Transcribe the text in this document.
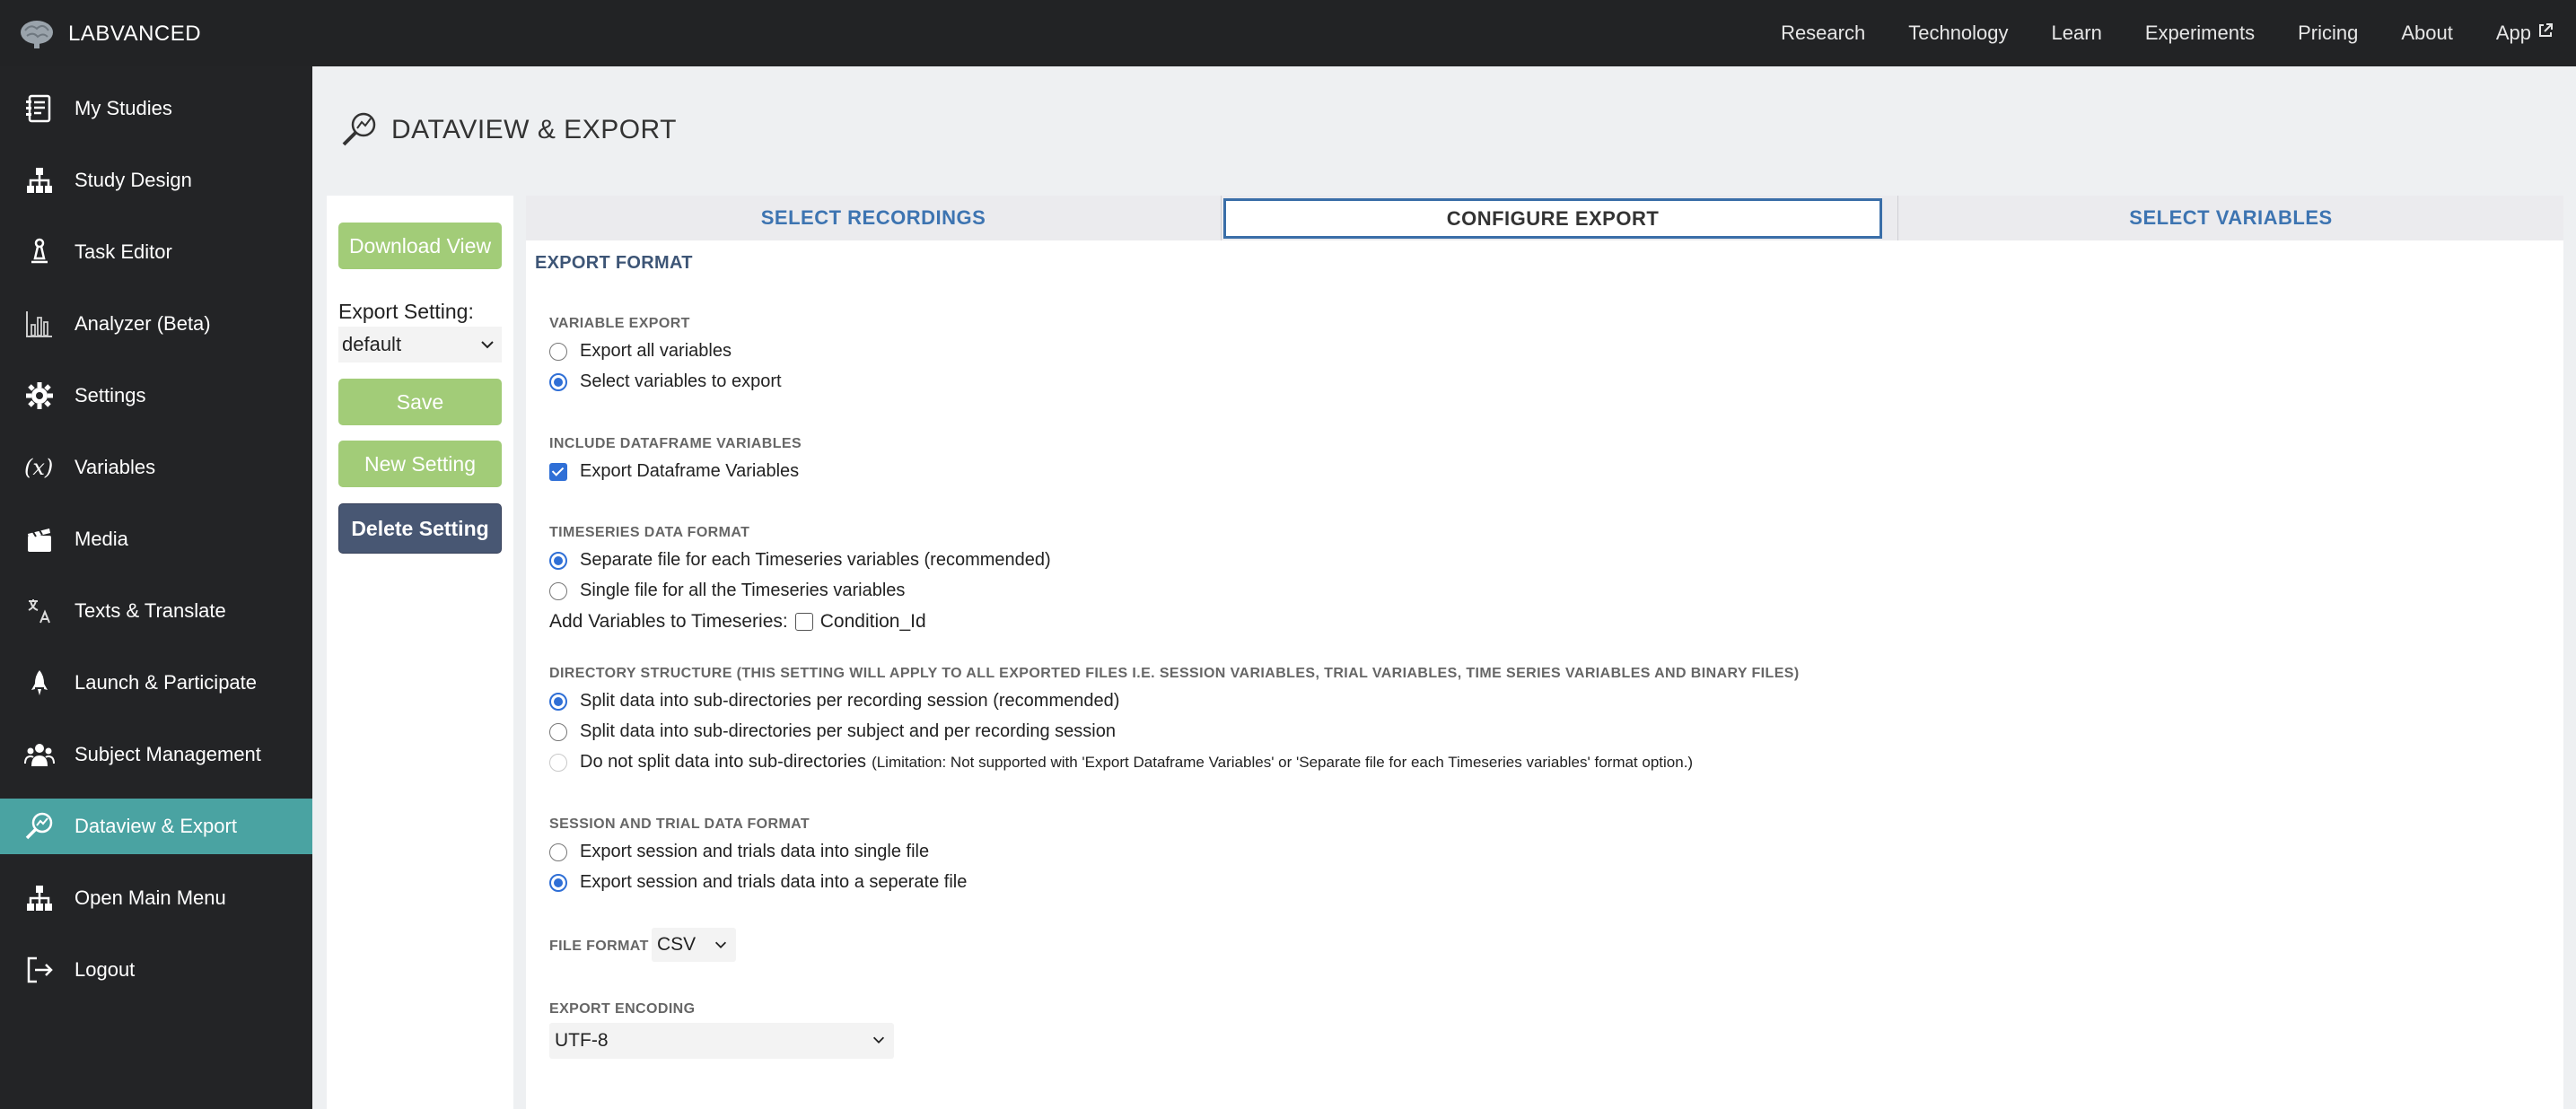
LABVANCED	Research Technology Learn Experiments Pricing About App
My Studies
Study Design
Task Editor
Analyzer (Beta)
Settings
(x) Variables
Media
Texts & Translate
Launch & Participate
Subject Management
Dataview & Export
Open Main Menu
Logout
DATAVIEW & EXPORT
Download View
Export Setting:
default
Save
New Setting
Delete Setting
SELECT RECORDINGS	CONFIGURE EXPORT	SELECT VARIABLES
EXPORT FORMAT
VARIABLE EXPORT
Export all variables
Select variables to export
INCLUDE DATAFRAME VARIABLES
Export Dataframe Variables
TIMESERIES DATA FORMAT
Separate file for each Timeseries variables (recommended)
Single file for all the Timeseries variables
Add Variables to Timeseries: Condition_Id
DIRECTORY STRUCTURE (THIS SETTING WILL APPLY TO ALL EXPORTED FILES I.E. SESSION VARIABLES, TRIAL VARIABLES, TIME SERIES VARIABLES AND BINARY FILES)
Split data into sub-directories per recording session (recommended)
Split data into sub-directories per subject and per recording session
Do not split data into sub-directories (Limitation: Not supported with 'Export Dataframe Variables' or 'Separate file for each Timeseries variables' format option.)
SESSION AND TRIAL DATA FORMAT
Export session and trials data into single file
Export session and trials data into a seperate file
FILE FORMAT CSV
EXPORT ENCODING
UTF-8
